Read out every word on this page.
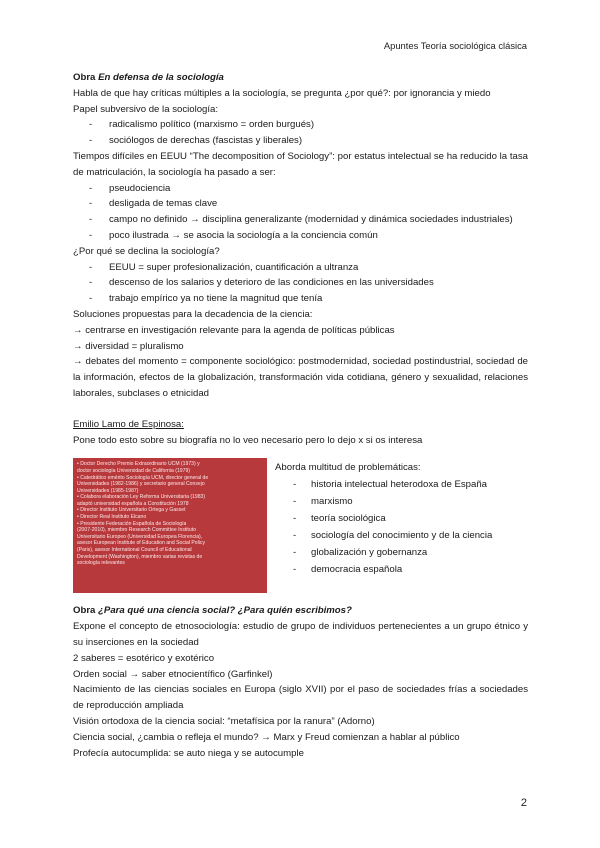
Apuntes Teoría sociológica clásica
Obra En defensa de la sociología
Habla de que hay críticas múltiples a la sociología, se pregunta ¿por qué?: por ignorancia y miedo
Papel subversivo de la sociología:
- radicalismo político (marxismo = orden burgués)
- sociólogos de derechas (fascistas y liberales)
Tiempos difíciles en EEUU “The decomposition of Sociology”: por estatus intelectual se ha reducido la tasa de matriculación, la sociología ha pasado a ser:
- pseudociencia
- desligada de temas clave
- campo no definido → disciplina generalizante (modernidad y dinámica sociedades industriales)
- poco ilustrada → se asocia la sociología a la conciencia común
¿Por qué se declina la sociología?
- EEUU = super profesionalización, cuantificación a ultranza
- descenso de los salarios y deterioro de las condiciones en las universidades
- trabajo empírico ya no tiene la magnitud que tenía
Soluciones propuestas para la decadencia de la ciencia:
→ centrarse en investigación relevante para la agenda de políticas públicas
→ diversidad = pluralismo
→ debates del momento = componente sociológico: postmodernidad, sociedad postindustrial, sociedad de la información, efectos de la globalización, transformación vida cotidiana, género y sexualidad, relaciones laborales, subclases o etnicidad
Emilio Lamo de Espinosa:
Pone todo esto sobre su biografía no lo veo necesario pero lo dejo x si os interesa
• Doctor Derecho Premio Extraordinario UCM (1973) y
doctor sociología Universidad de California (1979)
• Catedrático emérito Sociología UCM, director general de
Universidades (1982-1986) y secretario general Consejo
Universidades (1985-1987)
• Colabora elaboración Ley Reforma Universitaria (1983)
adaptó universidad española a Constitución 1978
• Director Instituto Universitario Ortega y Gasset
• Director Real Instituto Elcano
• Presidente Federación Española de Sociología
(2007-2010), miembro Research Committee Instituto
Universitario Europeo (Universidad Europea Florencia),
asesor European Institute of Education and Social Policy
(Paris), asesor International Council of Educational
Development (Washington), miembro varias revistas de
sociología relevantes
Aborda multitud de problemáticas:
- historia intelectual heterodoxa de España
- marxismo
- teoría sociológica
- sociología del conocimiento y de la ciencia
- globalización y gobernanza
- democracia española
Obra ¿Para qué una ciencia social? ¿Para quién escribimos?
Expone el concepto de etnosociología: estudio de grupo de individuos pertenecientes a un grupo étnico y su inserciones en la sociedad
2 saberes = esotérico y exotérico
Orden social → saber etnocientífico (Garfinkel)
Nacimiento de las ciencias sociales en Europa (siglo XVII) por el paso de sociedades frías a sociedades de reproducción ampliada
Visión ortodoxa de la ciencia social: “metafísica por la ranura” (Adorno)
Ciencia social, ¿cambia o refleja el mundo? → Marx y Freud comienzan a hablar al público
Profecía autocumplida: se auto niega y se autocumple
2
